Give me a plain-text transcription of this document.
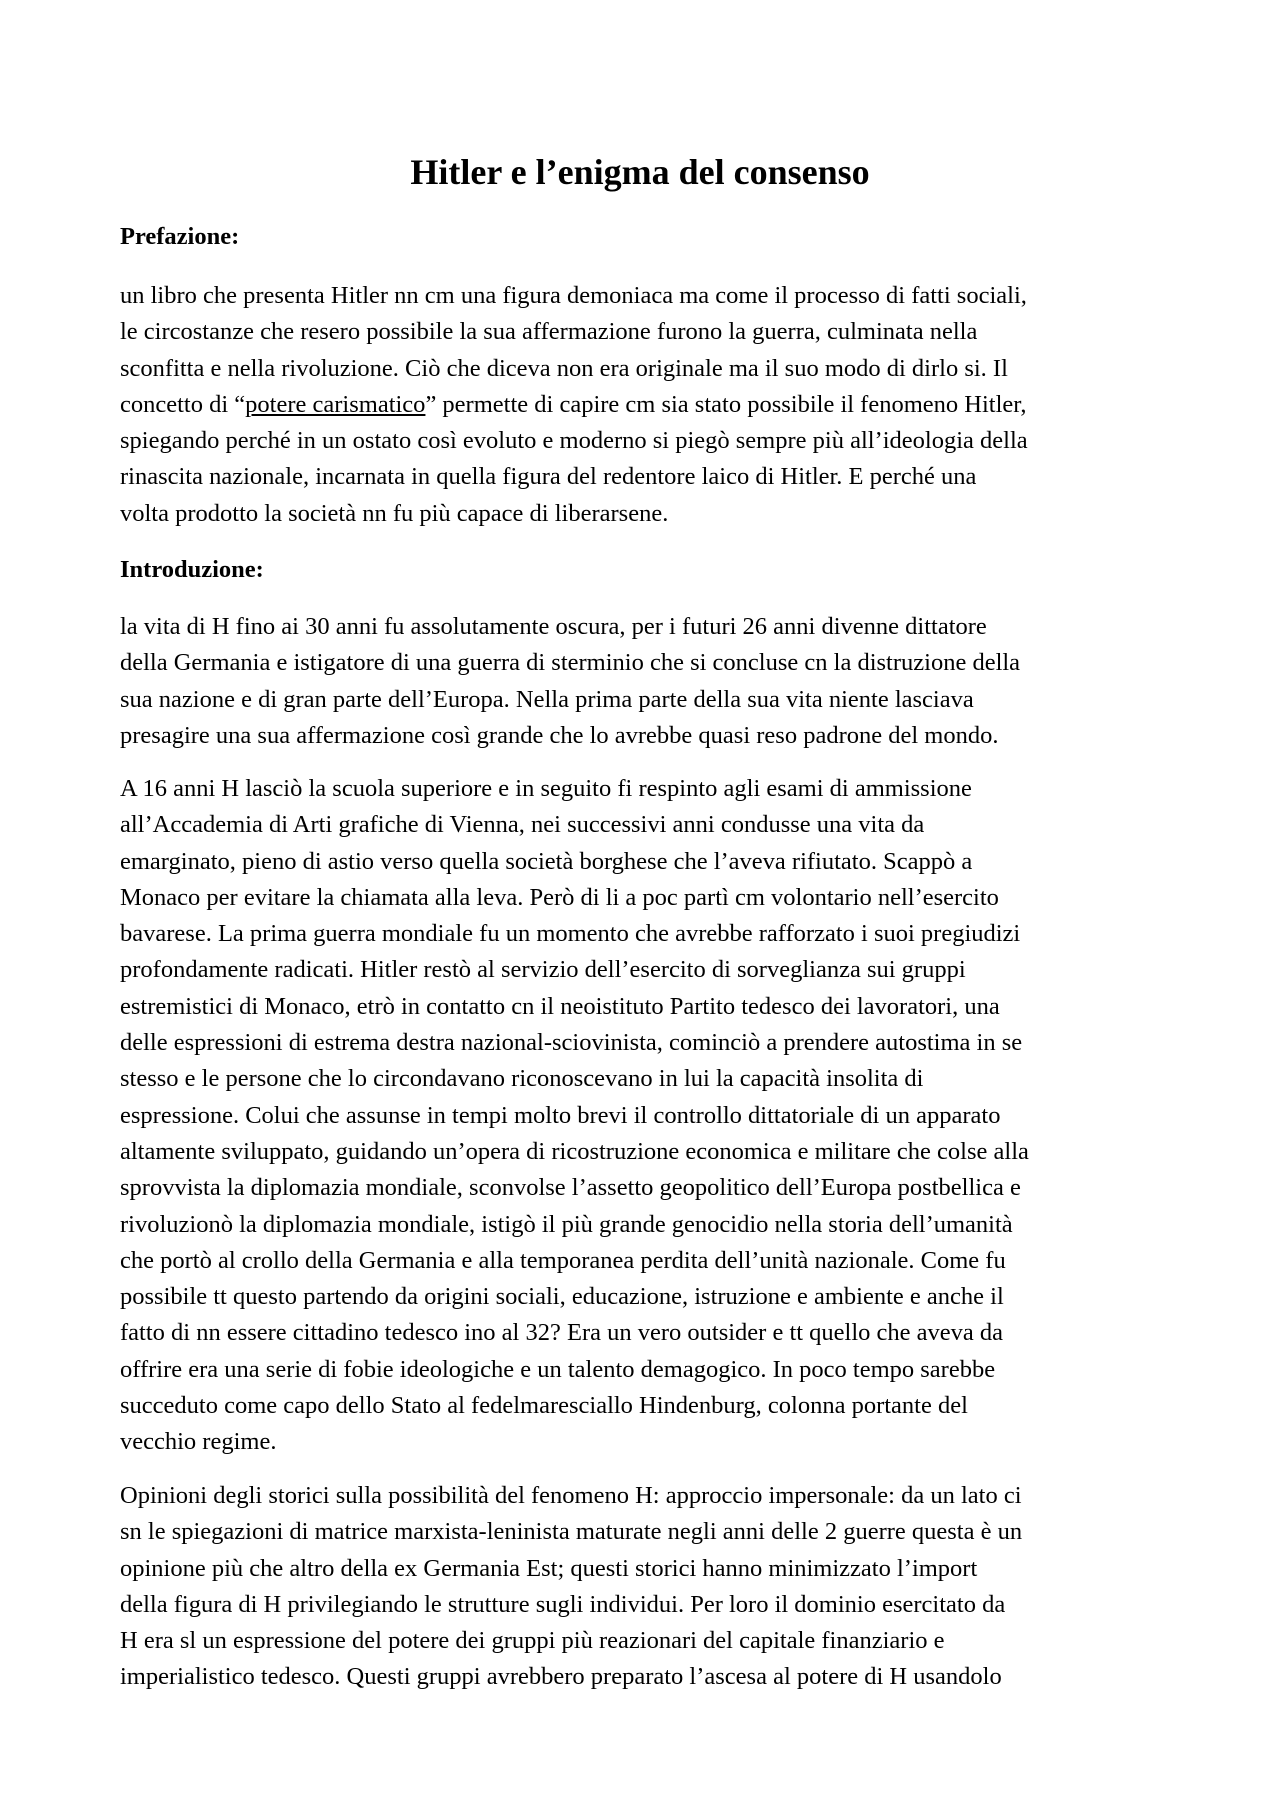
Hitler e l’enigma del consenso
Prefazione:

un libro che presenta Hitler nn cm una figura demoniaca ma come il processo di fatti sociali,
le circostanze che resero possibile la sua affermazione furono la guerra, culminata nella
sconfitta e nella rivoluzione. Ciò che diceva non era originale ma il suo modo di dirlo si. Il
concetto di “potere carismatico” permette di capire cm sia stato possibile il fenomeno Hitler,
spiegando perché in un ostato così evoluto e moderno si piegò sempre più all’ideologia della
rinascita nazionale, incarnata in quella figura del redentore laico di Hitler. E perché una
volta prodotto la società nn fu più capace di liberarsene.

Introduzione:

la vita di H fino ai 30 anni fu assolutamente oscura, per i futuri 26 anni divenne dittatore
della Germania e istigatore di una guerra di sterminio che si concluse cn la distruzione della
sua nazione e di gran parte dell’Europa. Nella prima parte della sua vita niente lasciava
presagire una sua affermazione così grande che lo avrebbe quasi reso padrone del mondo.

A 16 anni H lasciò la scuola superiore e in seguito fi respinto agli esami di ammissione
all’Accademia di Arti grafiche di Vienna, nei successivi anni condusse una vita da
emarginato, pieno di astio verso quella società borghese che l’aveva rifiutato. Scappò a
Monaco per evitare la chiamata alla leva. Però di li a poc partì cm volontario nell’esercito
bavarese. La prima guerra mondiale fu un momento che avrebbe rafforzato i suoi pregiudizi
profondamente radicati. Hitler restò al servizio dell’esercito di sorveglianza sui gruppi
estremistici di Monaco, etrò in contatto cn il neoistituto Partito tedesco dei lavoratori, una
delle espressioni di estrema destra nazional-sciovinista, cominciò a prendere autostima in se
stesso e le persone che lo circondavano riconoscevano in lui la capacità insolita di
espressione. Colui che assunse in tempi molto brevi il controllo dittatoriale di un apparato
altamente sviluppato, guidando un’opera di ricostruzione economica e militare che colse alla
sprovvista la diplomazia mondiale, sconvolse l’assetto geopolitico dell’Europa postbellica e
rivoluzionò la diplomazia mondiale, istigò il più grande genocidio nella storia dell’umanità
che portò al crollo della Germania e alla temporanea perdita dell’unità nazionale. Come fu
possibile tt questo partendo da origini sociali, educazione, istruzione e ambiente e anche il
fatto di nn essere cittadino tedesco ino al 32? Era un vero outsider e tt quello che aveva da
offrire era una serie di fobie ideologiche e un talento demagogico. In poco tempo sarebbe
succeduto come capo dello Stato al fedelmaresciallo Hindenburg, colonna portante del
vecchio regime.

Opinioni degli storici sulla possibilità del fenomeno H: approccio impersonale: da un lato ci
sn le spiegazioni di matrice marxista-leninista maturate negli anni delle 2 guerre questa è un
opinione più che altro della ex Germania Est; questi storici hanno minimizzato l’import
della figura di H privilegiando le strutture sugli individui. Per loro il dominio esercitato da
H era sl un espressione del potere dei gruppi più reazionari del capitale finanziario e
imperialistico tedesco. Questi gruppi avrebbero preparato l’ascesa al potere di H usandolo
